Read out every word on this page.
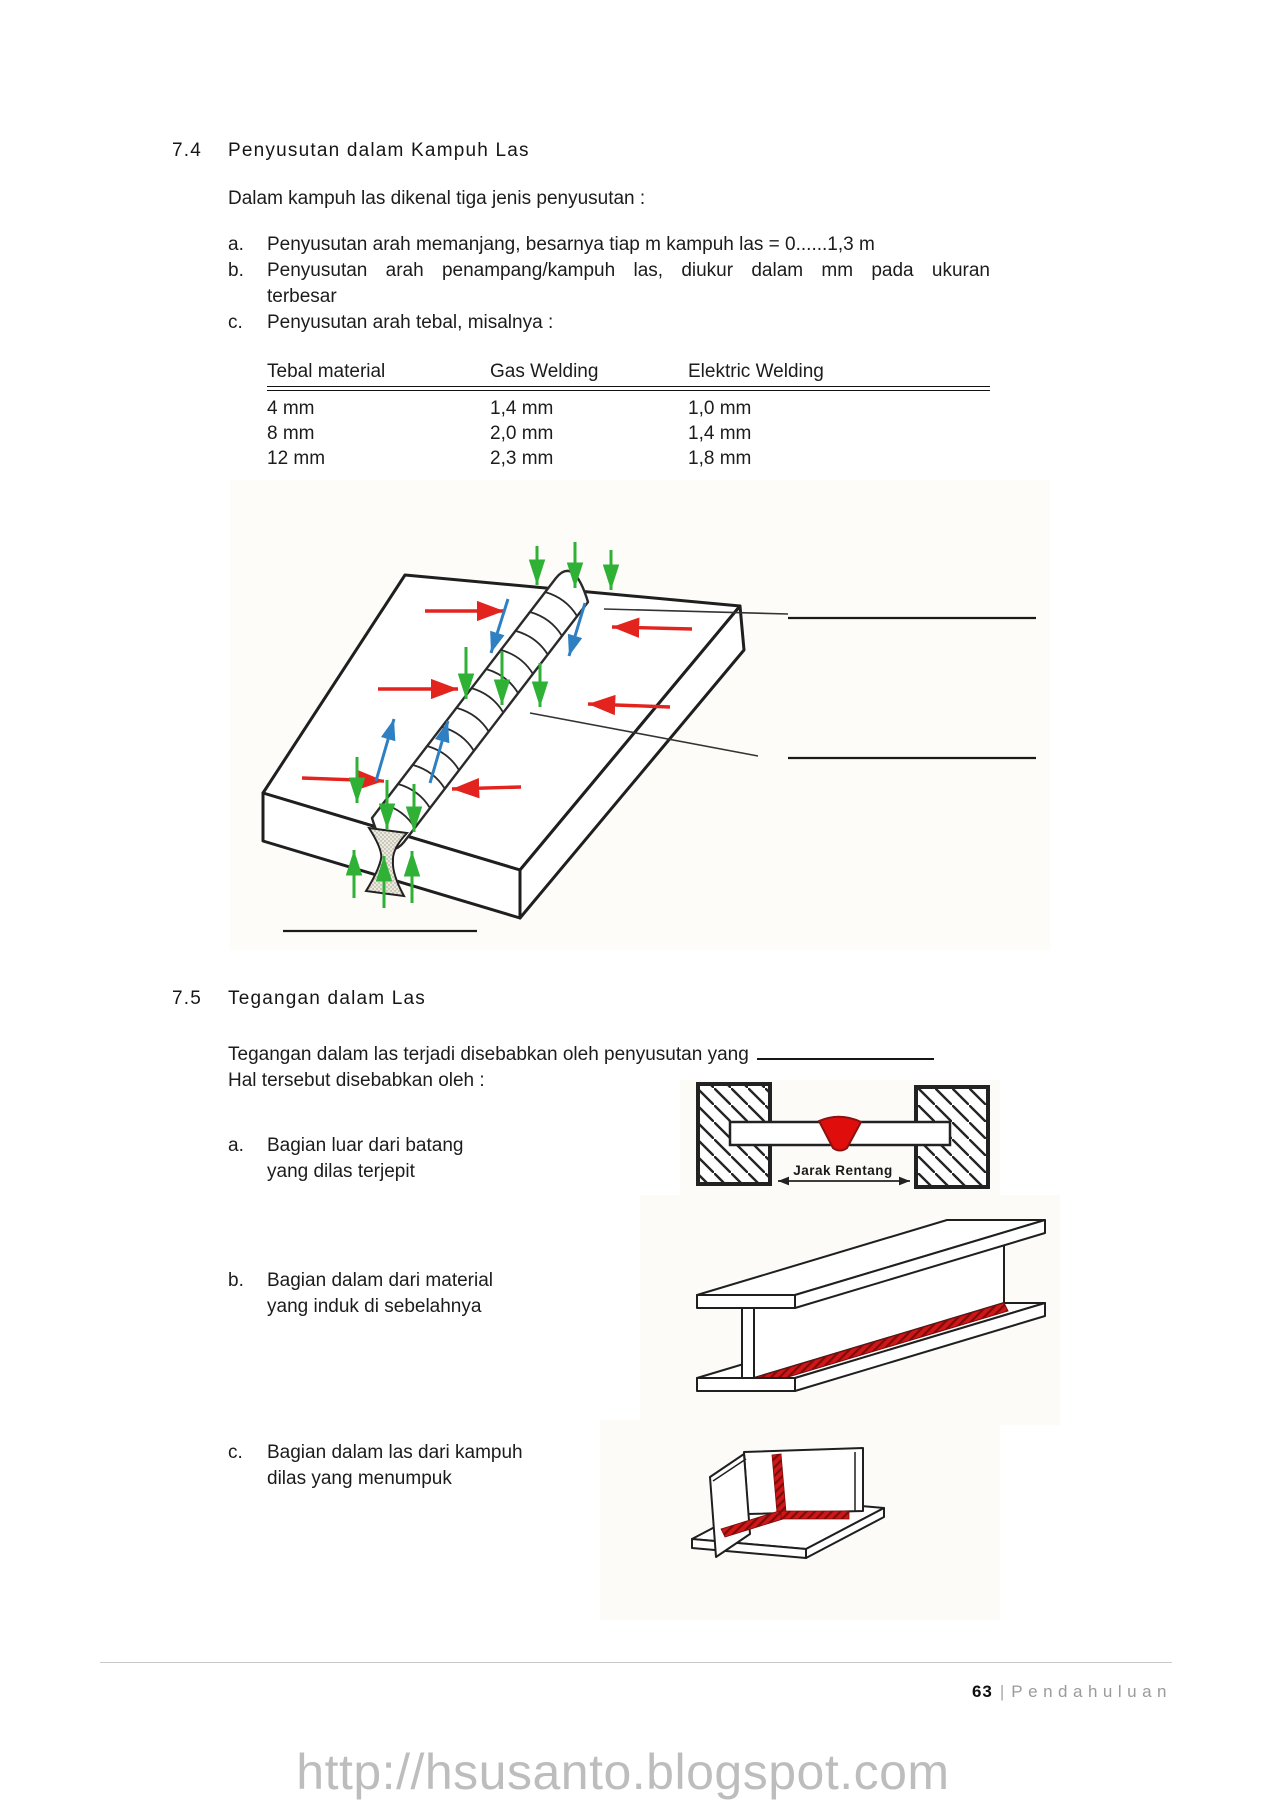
7.4 Penyusutan dalam Kampuh Las
Dalam kampuh las dikenal tiga jenis penyusutan :
a.	Penyusutan arah memanjang, besarnya tiap m kampuh las = 0......1,3 m
b.	Penyusutan arah penampang/kampuh las, diukur dalam mm pada ukuran
terbesar
c.	Penyusutan arah tebal, misalnya :
Tebal material	Gas Welding	Elektric Welding
4 mm	1,4 mm	1,0 mm
8 mm	2,0 mm	1,4 mm
12 mm	2,3 mm	1,8 mm
7.5 Tegangan dalam Las
Tegangan dalam las terjadi disebabkan oleh penyusutan yang
Hal tersebut disebabkan oleh :
a.	Bagian luar dari batang
yang dilas terjepit
b.	Bagian dalam dari material
yang induk di sebelahnya
c.	Bagian dalam las dari kampuh
dilas yang menumpuk
Jarak Rentang
63 | Pendahuluan
http://hsusanto.blogspot.com
